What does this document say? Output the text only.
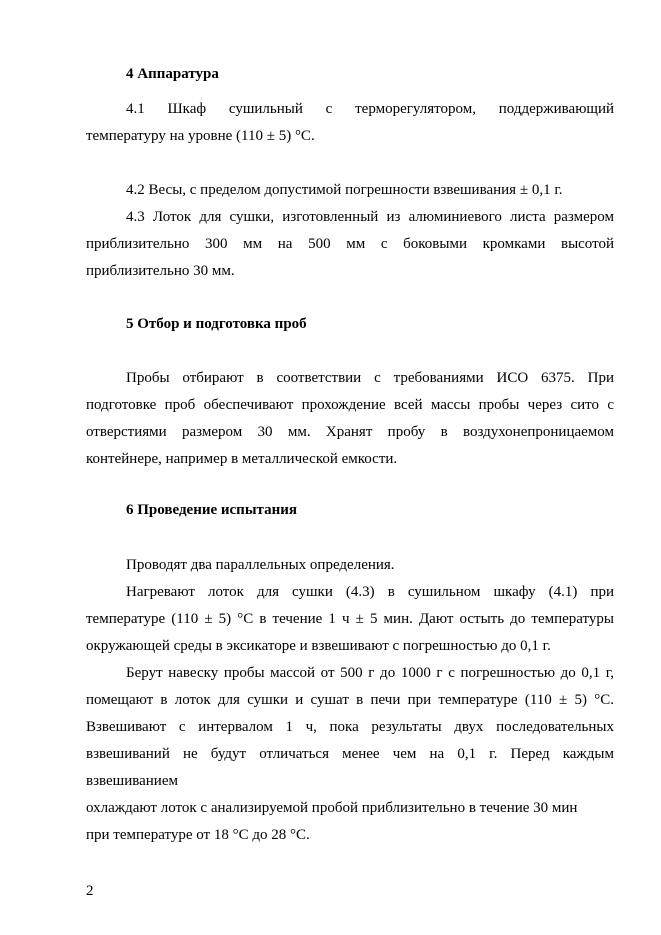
4 Аппаратура
4.1 Шкаф сушильный с терморегулятором, поддерживающий
температуру на уровне (110 ± 5) °С.
4.2 Весы, с пределом допустимой погрешности взвешивания ± 0,1 г.
4.3 Лоток для сушки, изготовленный из алюминиевого листа размером
приблизительно 300 мм на 500 мм с боковыми кромками высотой
приблизительно 30 мм.
5 Отбор и подготовка проб
Пробы отбирают в соответствии с требованиями ИСО 6375. При
подготовке проб обеспечивают прохождение всей массы пробы через сито с
отверстиями размером 30 мм. Хранят пробу в воздухонепроницаемом
контейнере, например в металлической емкости.
6 Проведение испытания
Проводят два параллельных определения.
Нагревают лоток для сушки (4.3) в сушильном шкафу (4.1) при
температуре (110 ± 5) °С в течение 1 ч ± 5 мин. Дают остыть до температуры
окружающей среды в эксикаторе и взвешивают с погрешностью до 0,1 г.
Берут навеску пробы массой от 500 г до 1000 г с погрешностью до 0,1 г,
помещают в лоток для сушки и сушат в печи при температуре (110 ± 5) °С.
Взвешивают с интервалом 1 ч, пока результаты двух последовательных
взвешиваний не будут отличаться менее чем на 0,1 г. Перед каждым
взвешиванием
охлаждают лоток с анализируемой пробой приблизительно в течение 30 мин
при температуре от 18 °С до 28 °С.
2
